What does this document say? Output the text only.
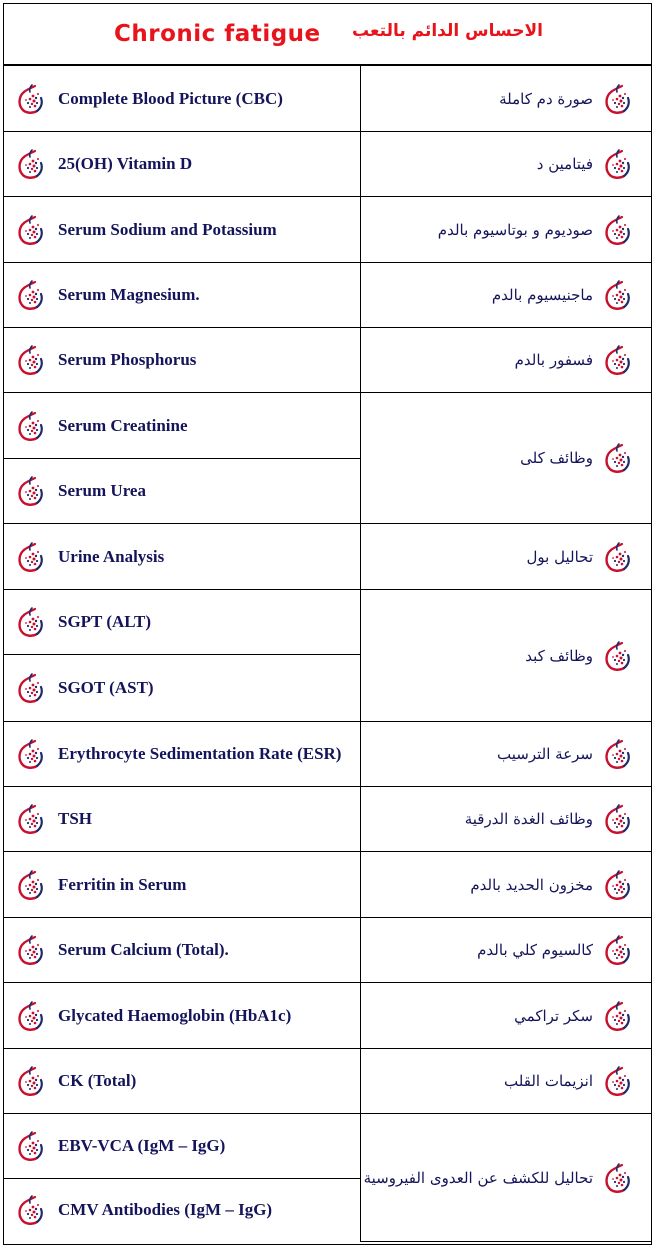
Chronic fatigue الاحساس الدائم بالتعب
Complete Blood Picture (CBC)	صورة دم كاملة

25(OH) Vitamin D	فيتامين د

Serum Sodium and Potassium	صوديوم و بوتاسيوم بالدم

Serum Magnesium.	ماجنيسيوم بالدم

Serum Phosphorus	فسفور بالدم

Serum Creatinine	وظائف كلى

Serum Urea	

Urine Analysis	تحاليل بول

SGPT (ALT)	وظائف كبد

SGOT (AST)	

Erythrocyte Sedimentation Rate (ESR)	سرعة الترسيب

TSH	وظائف الغدة الدرقية

Ferritin in Serum	مخزون الحديد بالدم

Serum Calcium (Total).	كالسيوم كلي بالدم

Glycated Haemoglobin (HbA1c)	سكر تراكمي

CK (Total)	انزيمات القلب

EBV-VCA (IgM – IgG)	تحاليل للكشف عن العدوى الفيروسية

CMV Antibodies (IgM – IgG)	
